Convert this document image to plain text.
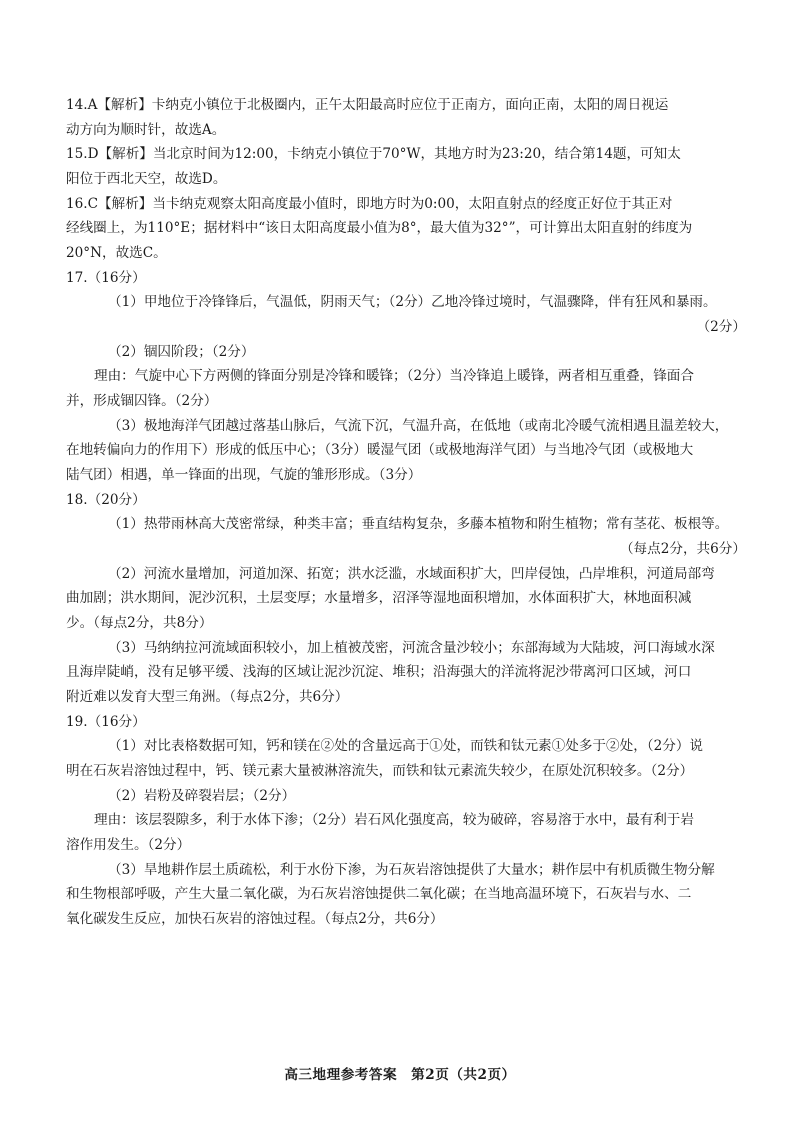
14.A【解析】卡纳克小镇位于北极圈内，正午太阳最高时应位于正南方，面向正南，太阳的周日视运
动方向为顺时针，故选A。
15.D【解析】当北京时间为12:00，卡纳克小镇位于70°W，其地方时为23:20，结合第14题，可知太
阳位于西北天空，故选D。
16.C【解析】当卡纳克观察太阳高度最小值时，即地方时为0:00，太阳直射点的经度正好位于其正对
经线圈上，为110°E；据材料中“该日太阳高度最小值为8°，最大值为32°”，可计算出太阳直射的纬度为
20°N，故选C。
17.（16分）
（1）甲地位于冷锋锋后，气温低，阴雨天气；（2分）乙地冷锋过境时，气温骤降，伴有狂风和暴雨。
（2分）
（2）锢囚阶段；（2分）
理由：气旋中心下方两侧的锋面分别是冷锋和暖锋；（2分）当冷锋追上暖锋，两者相互重叠，锋面合
并，形成锢囚锋。（2分）
（3）极地海洋气团越过落基山脉后，气流下沉，气温升高，在低地（或南北冷暖气流相遇且温差较大，
在地转偏向力的作用下）形成的低压中心；（3分）暖湿气团（或极地海洋气团）与当地冷气团（或极地大
陆气团）相遇，单一锋面的出现，气旋的雏形形成。（3分）
18.（20分）
（1）热带雨林高大茂密常绿，种类丰富；垂直结构复杂，多藤本植物和附生植物；常有茎花、板根等。
（每点2分，共6分）
（2）河流水量增加，河道加深、拓宽；洪水泛滥，水域面积扩大，凹岸侵蚀，凸岸堆积，河道局部弯
曲加剧；洪水期间，泥沙沉积，土层变厚；水量增多，沼泽等湿地面积增加，水体面积扩大，林地面积减
少。（每点2分，共8分）
（3）马纳纳拉河流域面积较小，加上植被茂密，河流含量沙较小；东部海域为大陆坡，河口海域水深
且海岸陡峭，没有足够平缓、浅海的区域让泥沙沉淀、堆积；沿海强大的洋流将泥沙带离河口区域，河口
附近难以发育大型三角洲。（每点2分，共6分）
19.（16分）
（1）对比表格数据可知，钙和镁在②处的含量远高于①处，而铁和钛元素①处多于②处，（2分）说
明在石灰岩溶蚀过程中，钙、镁元素大量被淋溶流失，而铁和钛元素流失较少，在原处沉积较多。（2分）
（2）岩粉及碎裂岩层；（2分）
理由：该层裂隙多，利于水体下渗；（2分）岩石风化强度高，较为破碎，容易溶于水中，最有利于岩
溶作用发生。（2分）
（3）旱地耕作层土质疏松，利于水份下渗，为石灰岩溶蚀提供了大量水；耕作层中有机质微生物分解
和生物根部呼吸，产生大量二氧化碳，为石灰岩溶蚀提供二氧化碳；在当地高温环境下，石灰岩与水、二
氧化碳发生反应，加快石灰岩的溶蚀过程。（每点2分，共6分）
高三地理参考答案　第2页（共2页）
